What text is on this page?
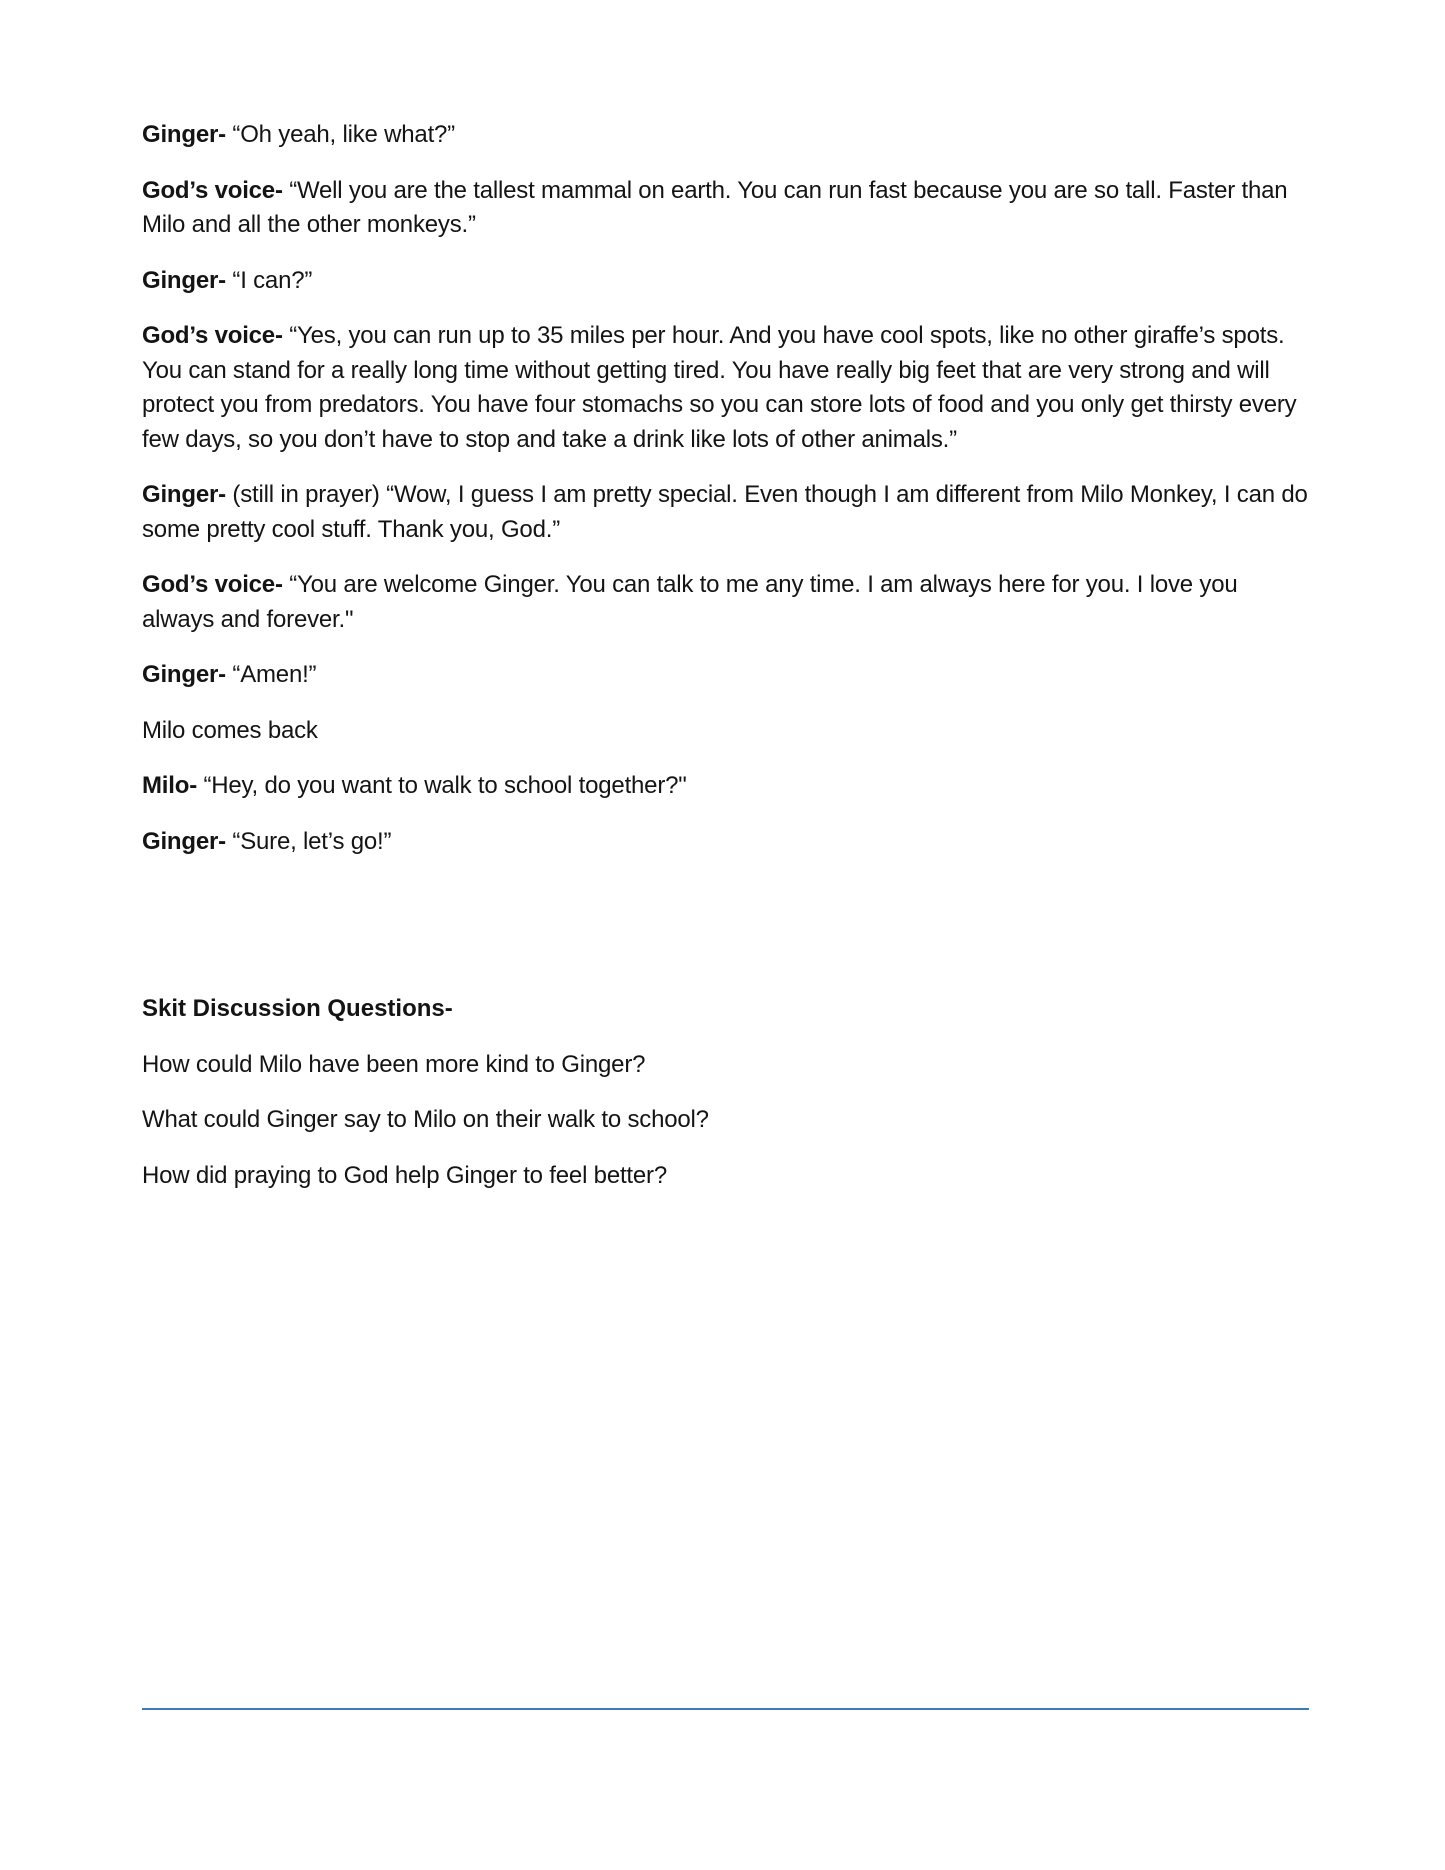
Ginger- “Oh yeah, like what?”

God’s voice- “Well you are the tallest mammal on earth. You can run fast because you are so tall. Faster than Milo and all the other monkeys.”

Ginger- “I can?”

God’s voice- “Yes, you can run up to 35 miles per hour. And you have cool spots, like no other giraffe’s spots. You can stand for a really long time without getting tired. You have really big feet that are very strong and will protect you from predators. You have four stomachs so you can store lots of food and you only get thirsty every few days, so you don’t have to stop and take a drink like lots of other animals.”

Ginger- (still in prayer) “Wow, I guess I am pretty special. Even though I am different from Milo Monkey, I can do some pretty cool stuff. Thank you, God.”

God’s voice- “You are welcome Ginger. You can talk to me any time. I am always here for you. I love you always and forever."

Ginger- “Amen!”

Milo comes back

Milo- “Hey, do you want to walk to school together?"

Ginger- “Sure, let’s go!”

Skit Discussion Questions-

How could Milo have been more kind to Ginger?

What could Ginger say to Milo on their walk to school?

How did praying to God help Ginger to feel better?
